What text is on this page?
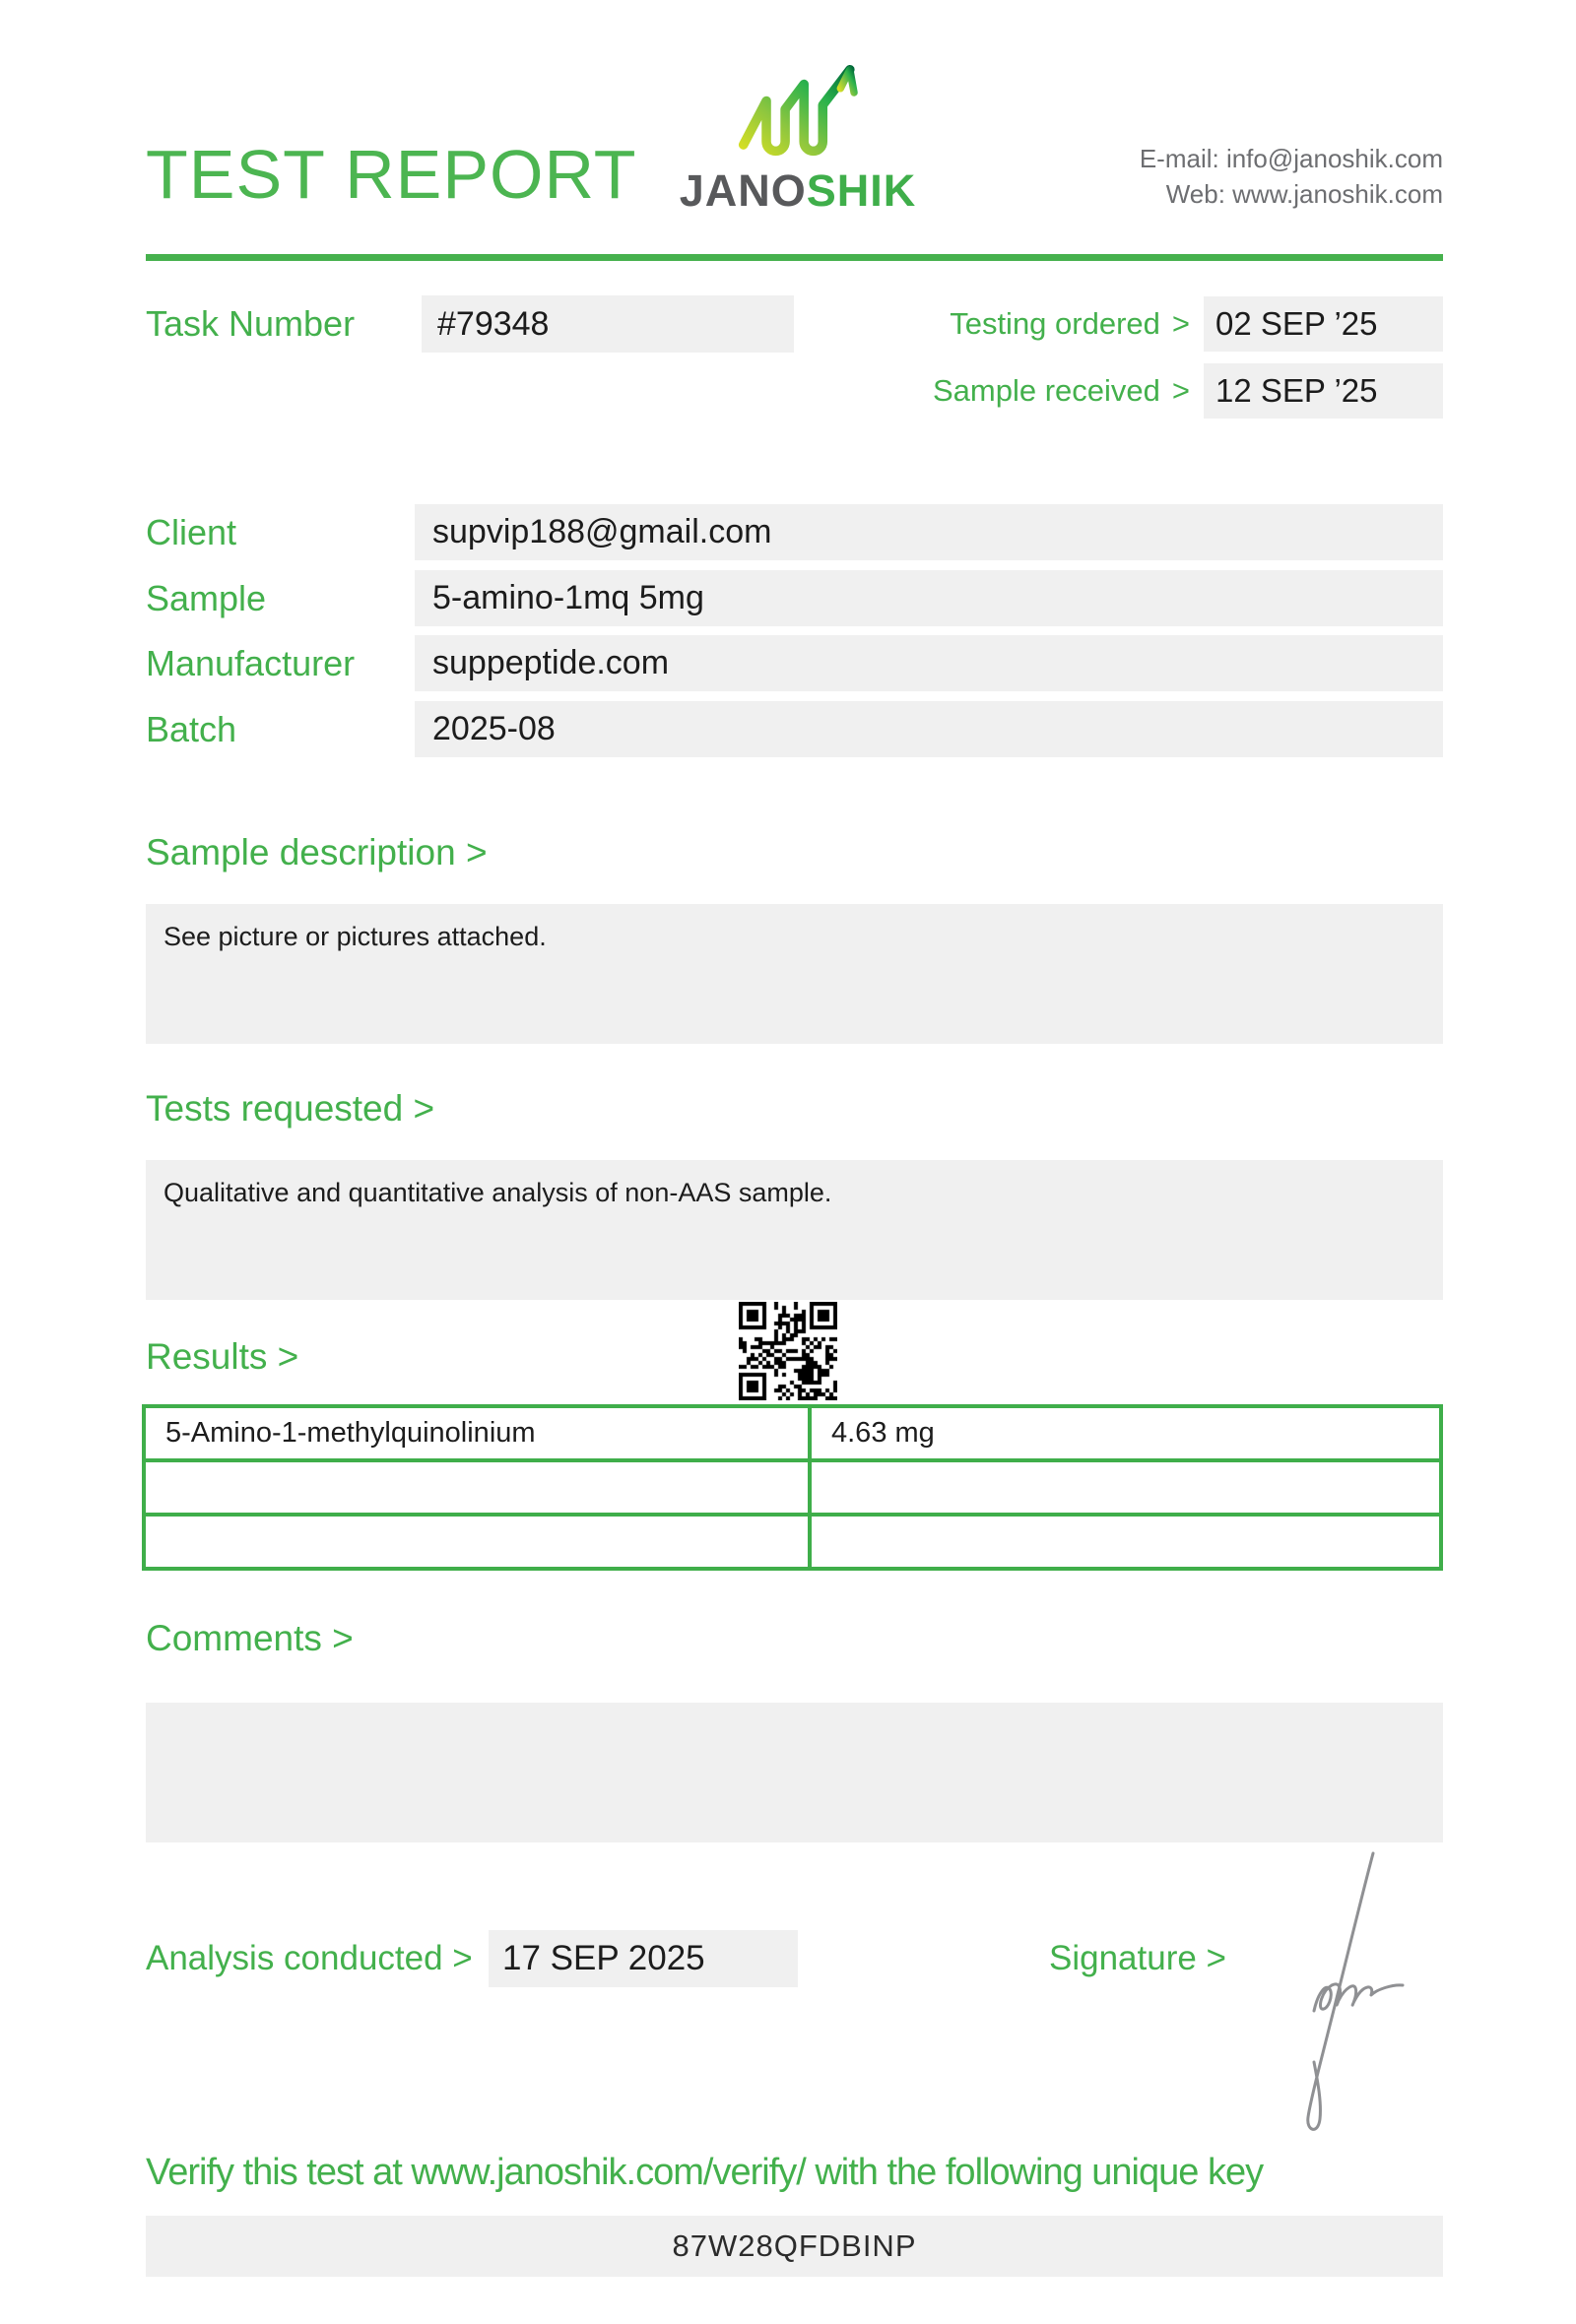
TEST REPORT JANOSHIK
E-mail: info@janoshik.com
Web: www.janoshik.com
Task Number	#79348	Testing ordered > 02 SEP ’25
Sample received > 12 SEP ’25
Client	supvip188@gmail.com
Sample	5-amino-1mq 5mg
Manufacturer	suppeptide.com
Batch	2025-08
Sample description >
See picture or pictures attached.
Tests requested >
Qualitative and quantitative analysis of non-AAS sample.
Results >
5-Amino-1-methylquinolinium	4.63 mg

Comments >
Analysis conducted > 17 SEP 2025	Signature >
Verify this test at www.janoshik.com/verify/ with the following unique key
87W28QFDBINP
